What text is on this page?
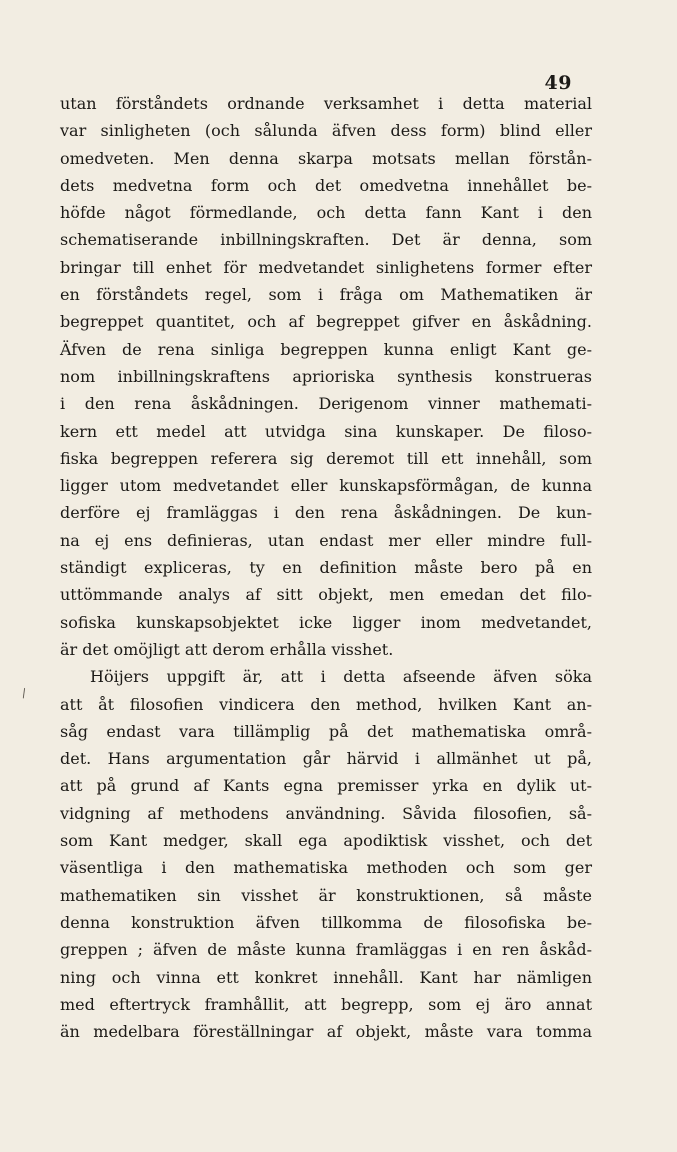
49
\
utan förståndets ordnande verksamhet i detta material
var sinligheten (och sålunda äfven dess form) blind eller
omedveten. Men denna skarpa motsats mellan förstån-
dets medvetna form och det omedvetna innehållet be-
höfde något förmedlande, och detta fann Kant i den
schematiserande inbillningskraften. Det är denna, som
bringar till enhet för medvetandet sinlighetens former efter
en förståndets regel, som i fråga om Mathematiken är
begreppet quantitet, och af begreppet gifver en åskådning.
Äfven de rena sinliga begreppen kunna enligt Kant ge-
nom inbillningskraftens aprioriska synthesis konstrueras
i den rena åskådningen. Derigenom vinner mathemati-
kern ett medel att utvidga sina kunskaper. De filoso-
fiska begreppen referera sig deremot till ett innehåll, som
ligger utom medvetandet eller kunskapsförmågan, de kunna
derföre ej framläggas i den rena åskådningen. De kun-
na ej ens definieras, utan endast mer eller mindre full-
ständigt expliceras, ty en definition måste bero på en
uttömmande analys af sitt objekt, men emedan det filo-
sofiska kunskapsobjektet icke ligger inom medvetandet,
är det omöjligt att derom erhålla visshet.
Höijers uppgift är, att i detta afseende äfven söka
att åt filosofien vindicera den method, hvilken Kant an-
såg endast vara tillämplig på det mathematiska områ-
det. Hans argumentation går härvid i allmänhet ut på,
att på grund af Kants egna premisser yrka en dylik ut-
vidgning af methodens användning. Såvida filosofien, så-
som Kant medger, skall ega apodiktisk visshet, och det
väsentliga i den mathematiska methoden och som ger
mathematiken sin visshet är konstruktionen, så måste
denna konstruktion äfven tillkomma de filosofiska be-
greppen ; äfven de måste kunna framläggas i en ren åskåd-
ning och vinna ett konkret innehåll. Kant har nämligen
med eftertryck framhållit, att begrepp, som ej äro annat
än medelbara föreställningar af objekt, måste vara tomma
